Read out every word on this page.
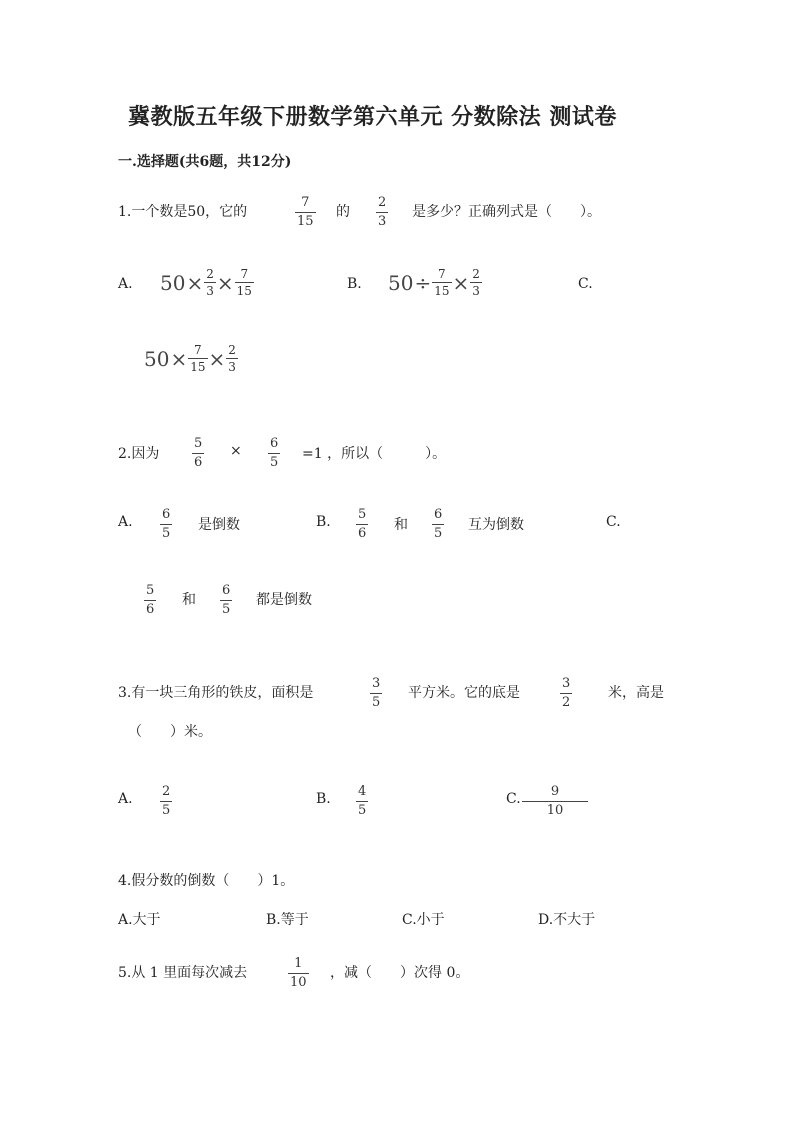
冀教版五年级下册数学第六单元 分数除法 测试卷
一.选择题(共6题，共12分)
1.一个数是50，它的
7
15
的
2
3
是多少？正确列式是（　　）。
A. $50 \times \frac{2}{3} \times \frac{7}{15}$	B. $50 \div \frac{7}{15} \times \frac{2}{3}$	C.
$50 \times \frac{7}{15} \times \frac{2}{3}$
2.因为
5
6
× 6
5
=1 ，所以（　　　）。
A. 6
5
是倒数	B. 5
6
和
6
5
互为倒数	C.
5
6
和
6
5
都是倒数
3.有一块三角形的铁皮，面积是
3
5
平方米。它的底是
3
2
米，高是
（　　）米。
A. 2
5
B. 4
5
C. 9
10
4.假分数的倒数（　　）1。
A.大于	B.等于	C.小于	D.不大于
5.从 1 里面每次减去
1
10
，减（　　）次得 0。
